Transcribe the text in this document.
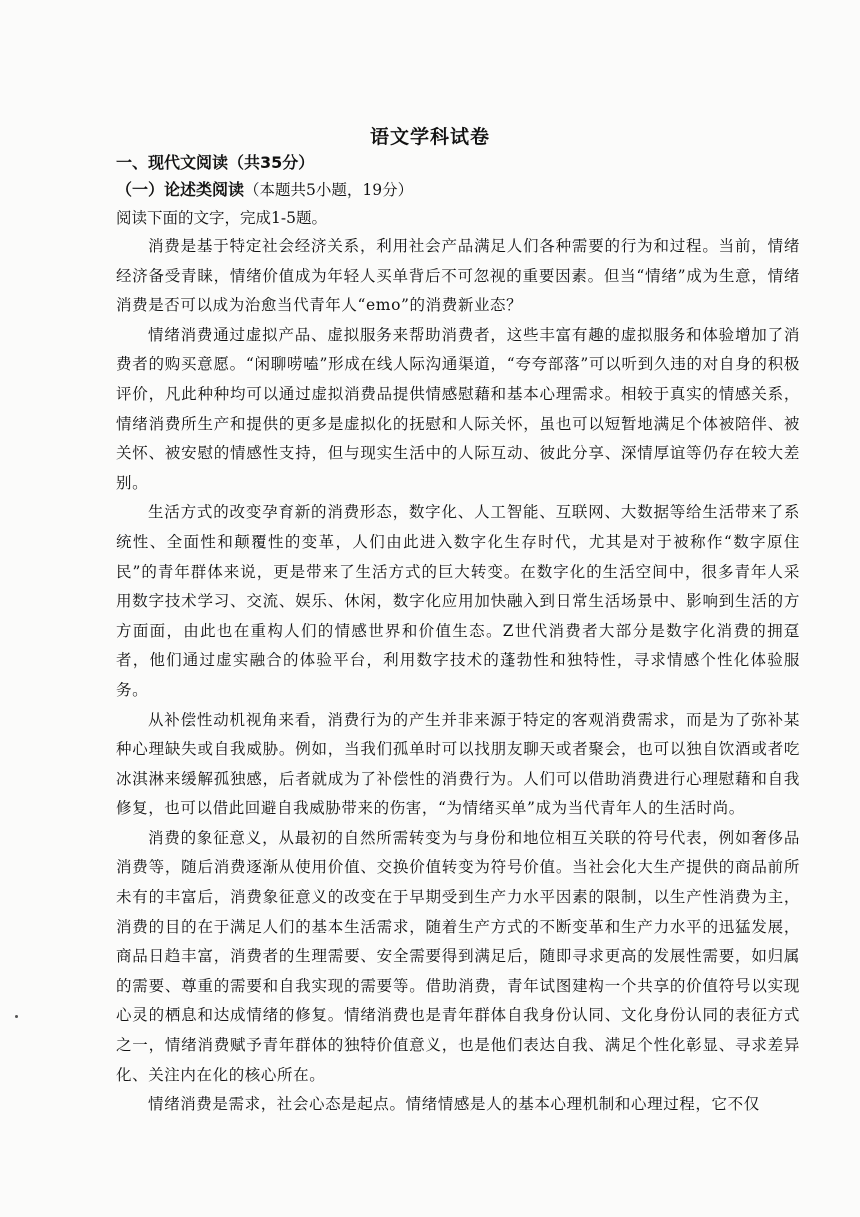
语文学科试卷
一、现代文阅读（共35分）
（一）论述类阅读（本题共5小题，19分）
阅读下面的文字，完成1-5题。

消费是基于特定社会经济关系，利用社会产品满足人们各种需要的行为和过程。当前，情绪经济备受青睐，情绪价值成为年轻人买单背后不可忽视的重要因素。但当“情绪”成为生意，情绪消费是否可以成为治愈当代青年人“emo”的消费新业态？

情绪消费通过虚拟产品、虚拟服务来帮助消费者，这些丰富有趣的虚拟服务和体验增加了消费者的购买意愿。“闲聊唠嗑”形成在线人际沟通渠道，“夸夸部落”可以听到久违的对自身的积极评价，凡此种种均可以通过虚拟消费品提供情感慰藉和基本心理需求。相较于真实的情感关系，情绪消费所生产和提供的更多是虚拟化的抚慰和人际关怀，虽也可以短暂地满足个体被陪伴、被关怀、被安慰的情感性支持，但与现实生活中的人际互动、彼此分享、深情厚谊等仍存在较大差别。

生活方式的改变孕育新的消费形态，数字化、人工智能、互联网、大数据等给生活带来了系统性、全面性和颠覆性的变革，人们由此进入数字化生存时代，尤其是对于被称作“数字原住民”的青年群体来说，更是带来了生活方式的巨大转变。在数字化的生活空间中，很多青年人采用数字技术学习、交流、娱乐、休闲，数字化应用加快融入到日常生活场景中、影响到生活的方方面面，由此也在重构人们的情感世界和价值生态。Z世代消费者大部分是数字化消费的拥趸者，他们通过虚实融合的体验平台，利用数字技术的蓬勃性和独特性，寻求情感个性化体验服务。

从补偿性动机视角来看，消费行为的产生并非来源于特定的客观消费需求，而是为了弥补某种心理缺失或自我威胁。例如，当我们孤单时可以找朋友聊天或者聚会，也可以独自饮酒或者吃冰淇淋来缓解孤独感，后者就成为了补偿性的消费行为。人们可以借助消费进行心理慰藉和自我修复，也可以借此回避自我威胁带来的伤害，“为情绪买单”成为当代青年人的生活时尚。

消费的象征意义，从最初的自然所需转变为与身份和地位相互关联的符号代表，例如奢侈品消费等，随后消费逐渐从使用价值、交换价值转变为符号价值。当社会化大生产提供的商品前所未有的丰富后，消费象征意义的改变在于早期受到生产力水平因素的限制，以生产性消费为主，消费的目的在于满足人们的基本生活需求，随着生产方式的不断变革和生产力水平的迅猛发展，商品日趋丰富，消费者的生理需要、安全需要得到满足后，随即寻求更高的发展性需要，如归属的需要、尊重的需要和自我实现的需要等。借助消费，青年试图建构一个共享的价值符号以实现心灵的栖息和达成情绪的修复。情绪消费也是青年群体自我身份认同、文化身份认同的表征方式之一，情绪消费赋予青年群体的独特价值意义，也是他们表达自我、满足个性化彰显、寻求差异化、关注内在化的核心所在。

情绪消费是需求，社会心态是起点。情绪情感是人的基本心理机制和心理过程，它不仅
